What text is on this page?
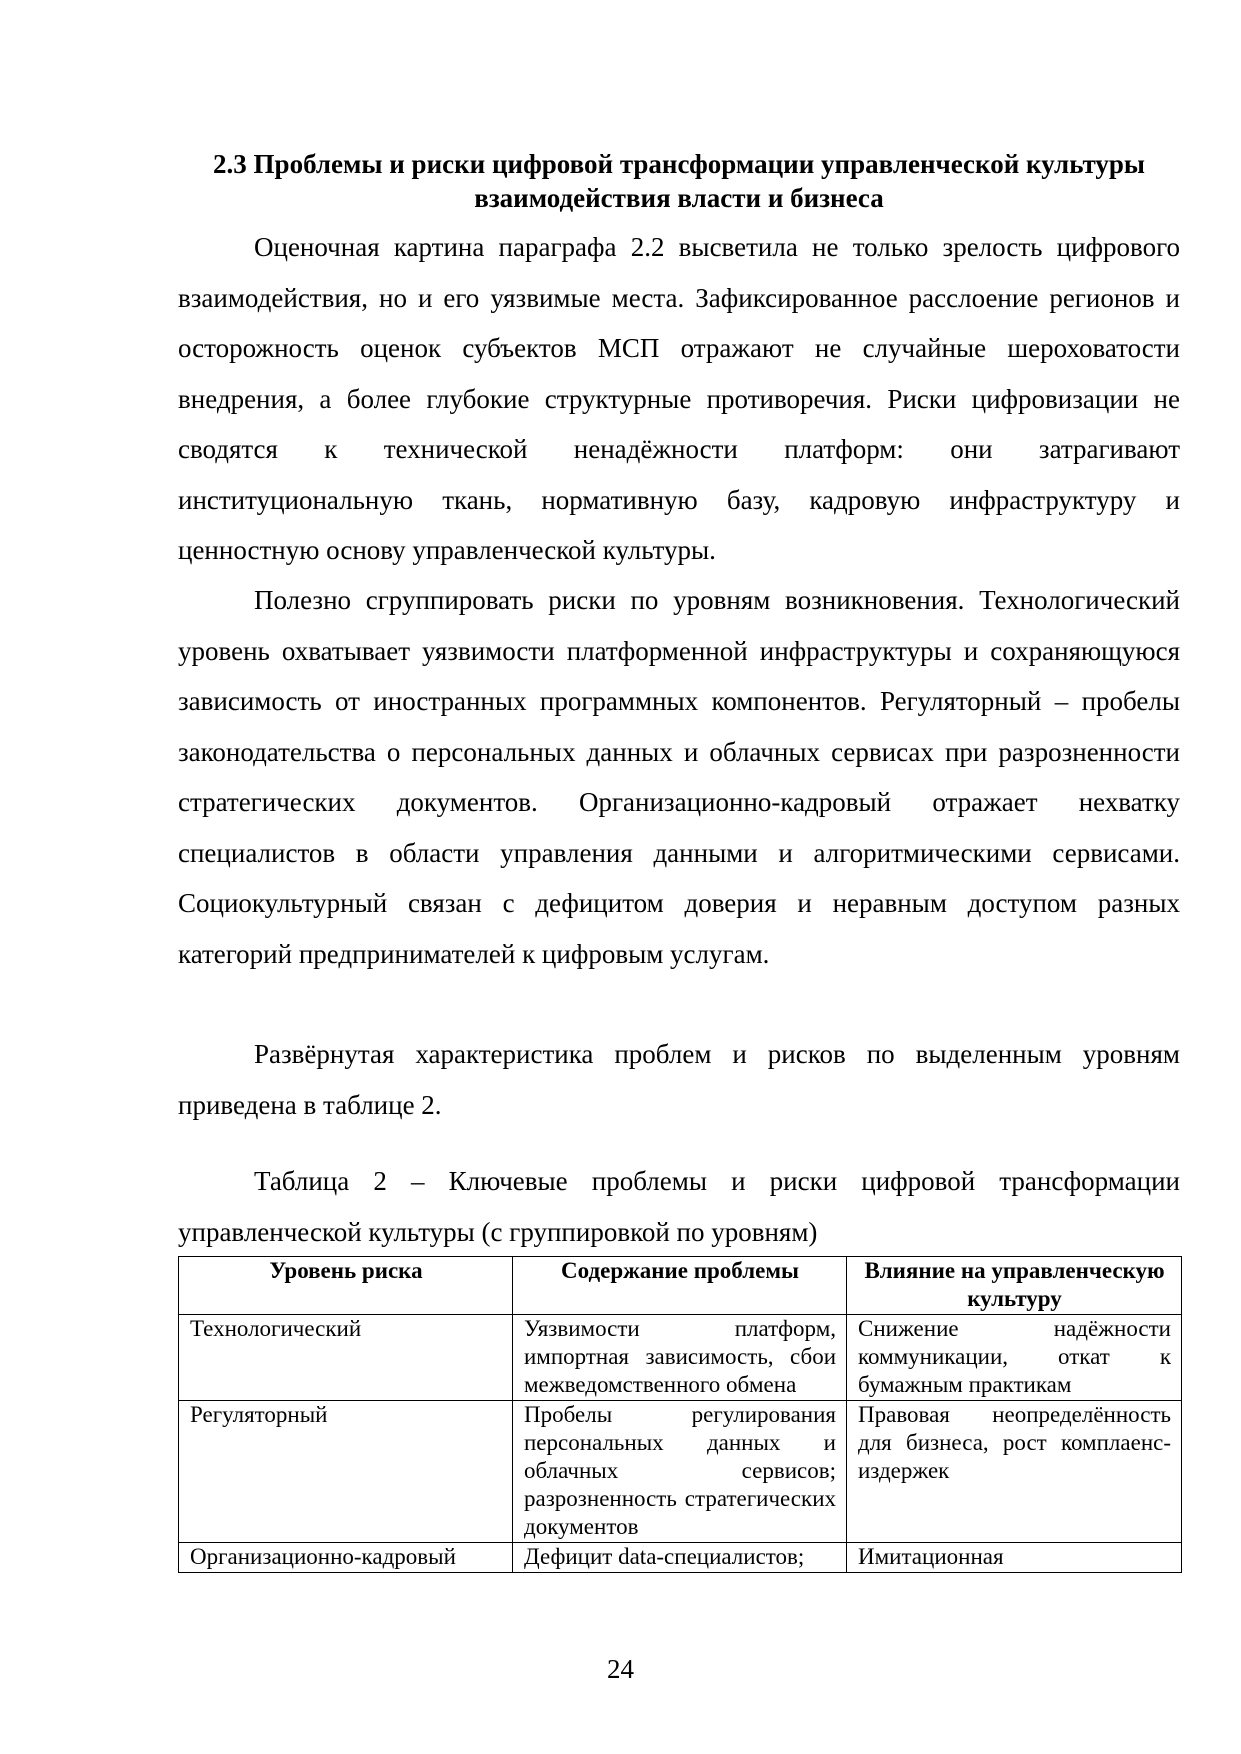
2.3 Проблемы и риски цифровой трансформации управленческой культуры взаимодействия власти и бизнеса

Оценочная картина параграфа 2.2 высветила не только зрелость цифрового взаимодействия, но и его уязвимые места. Зафиксированное расслоение регионов и осторожность оценок субъектов МСП отражают не случайные шероховатости внедрения, а более глубокие структурные противоречия. Риски цифровизации не сводятся к технической ненадёжности платформ: они затрагивают институциональную ткань, нормативную базу, кадровую инфраструктуру и ценностную основу управленческой культуры.

Полезно сгруппировать риски по уровням возникновения. Технологический уровень охватывает уязвимости платформенной инфраструктуры и сохраняющуюся зависимость от иностранных программных компонентов. Регуляторный – пробелы законодательства о персональных данных и облачных сервисах при разрозненности стратегических документов. Организационно-кадровый отражает нехватку специалистов в области управления данными и алгоритмическими сервисами. Социокультурный связан с дефицитом доверия и неравным доступом разных категорий предпринимателей к цифровым услугам.

Развёрнутая характеристика проблем и рисков по выделенным уровням приведена в таблице 2.

Таблица 2 – Ключевые проблемы и риски цифровой трансформации управленческой культуры (с группировкой по уровням)

Уровень риска	Содержание проблемы	Влияние на управленческую культуру
Технологический	Уязвимости платформ, импортная зависимость, сбои межведомственного обмена	Снижение надёжности коммуникации, откат к бумажным практикам
Регуляторный	Пробелы регулирования персональных данных и облачных сервисов; разрозненность стратегических документов	Правовая неопределённость для бизнеса, рост комплаенс-издержек
Организационно-кадровый	Дефицит data-специалистов;	Имитационная

24
